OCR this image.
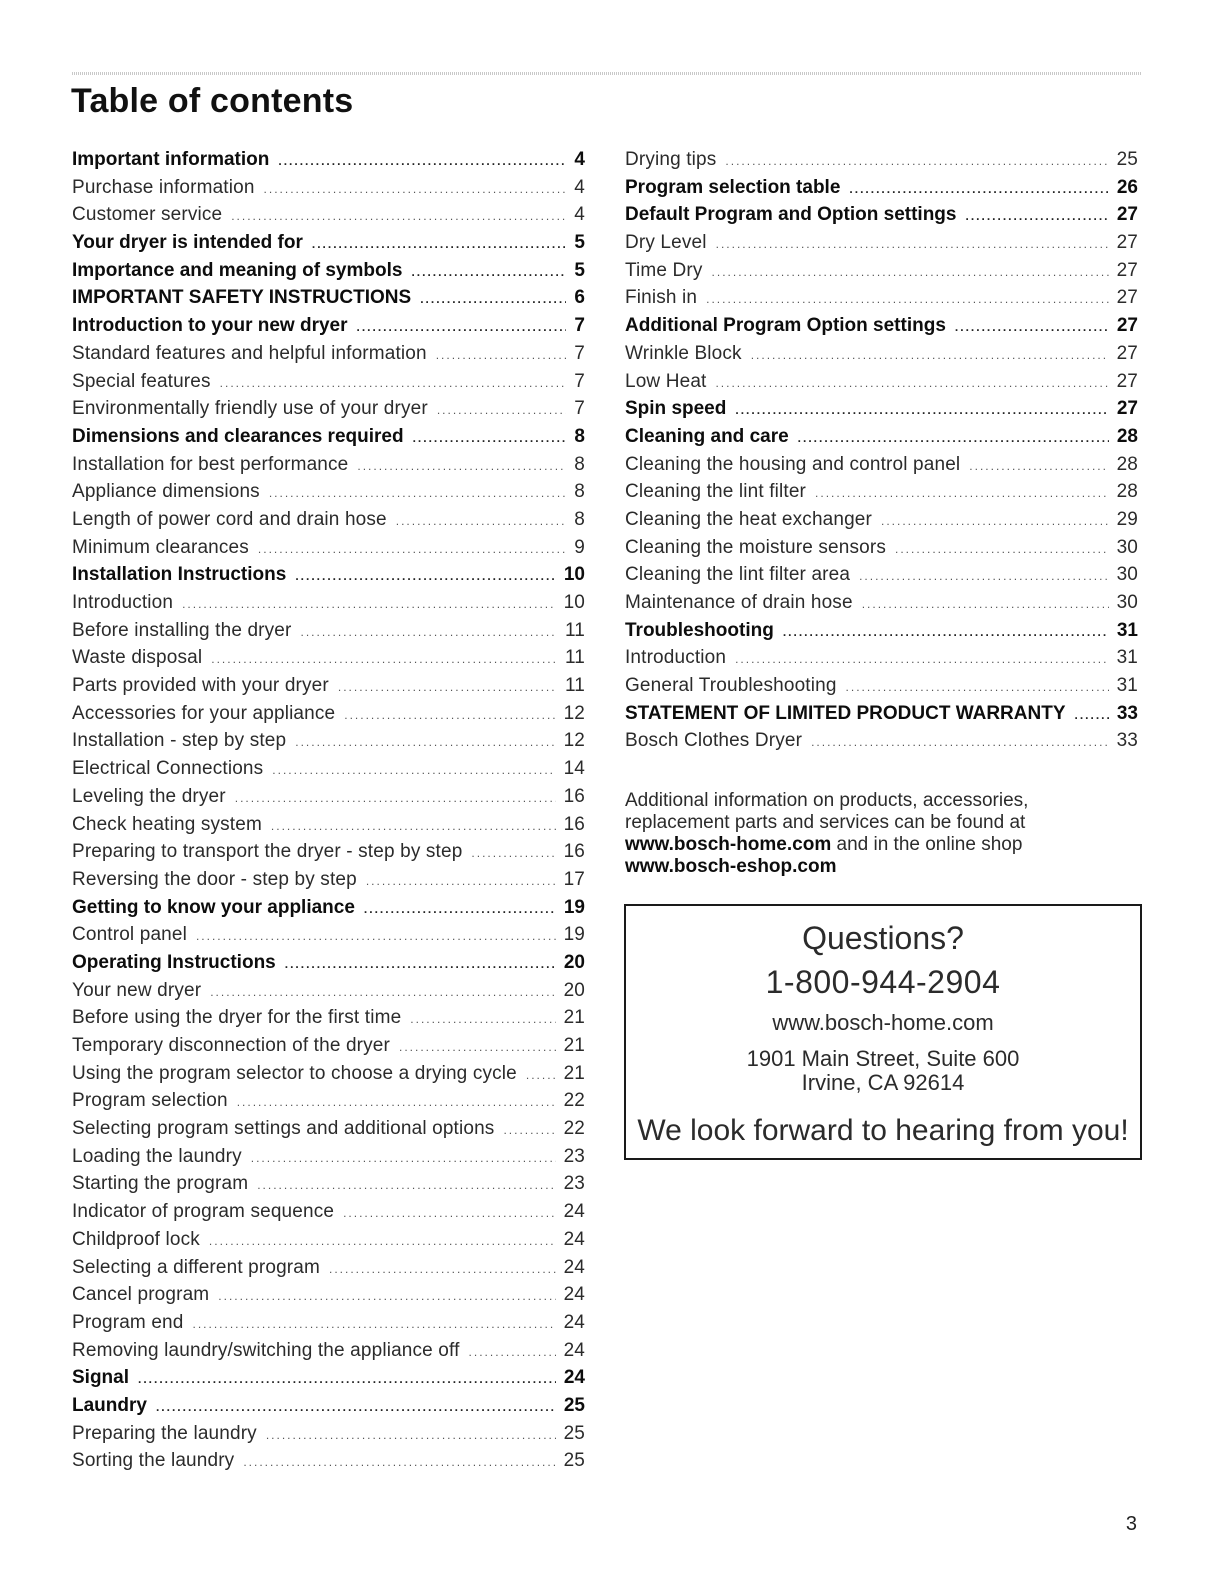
Table of contents
Important information .....	4
Purchase information .....	4
Customer service .....	4
Your dryer is intended for .....	5
Importance and meaning of symbols .....	5
IMPORTANT SAFETY INSTRUCTIONS .....	6
Introduction to your new dryer .....	7
Standard features and helpful information .....	7
Special features .....	7
Environmentally friendly use of your dryer .....	7
Dimensions and clearances required .....	8
Installation for best performance .....	8
Appliance dimensions .....	8
Length of power cord and drain hose .....	8
Minimum clearances .....	9
Installation Instructions .....	10
Introduction .....	10
Before installing the dryer .....	11
Waste disposal .....	11
Parts provided with your dryer .....	11
Accessories for your appliance .....	12
Installation - step by step .....	12
Electrical Connections .....	14
Leveling the dryer .....	16
Check heating system .....	16
Preparing to transport the dryer - step by step .....	16
Reversing the door - step by step .....	17
Getting to know your appliance .....	19
Control panel .....	19
Operating Instructions .....	20
Your new dryer .....	20
Before using the dryer for the first time .....	21
Temporary disconnection of the dryer .....	21
Using the program selector to choose a drying cycle ..... 21
Program selection .....	22
Selecting program settings and additional options .....	22
Loading the laundry .....	23
Starting the program .....	23
Indicator of program sequence .....	24
Childproof lock .....	24
Selecting a different program .....	24
Cancel program .....	24
Program end .....	24
Removing laundry/switching the appliance off .....	24
Signal .....	24
Laundry .....	25
Preparing the laundry .....	25
Sorting the laundry .....	25
Drying tips .....	25
Program selection table .....	26
Default Program and Option settings .....	27
Dry Level .....	27
Time Dry .....	27
Finish in .....	27
Additional Program Option settings .....	27
Wrinkle Block .....	27
Low Heat .....	27
Spin speed .....	27
Cleaning and care .....	28
Cleaning the housing and control panel .....	28
Cleaning the lint filter .....	28
Cleaning the heat exchanger .....	29
Cleaning the moisture sensors .....	30
Cleaning the lint filter area .....	30
Maintenance of drain hose .....	30
Troubleshooting .....	31
Introduction .....	31
General Troubleshooting .....	31
STATEMENT OF LIMITED PRODUCT WARRANTY .....	33
Bosch Clothes Dryer .....	33

Additional information on products, accessories,

replacement parts and services can be found at

www.bosch-home.com and in the online shop

www.bosch-eshop.com

Questions?
1-800-944-2904
www.bosch-home.com
1901 Main Street, Suite 600
Irvine, CA 92614
We look forward to hearing from you!
3
